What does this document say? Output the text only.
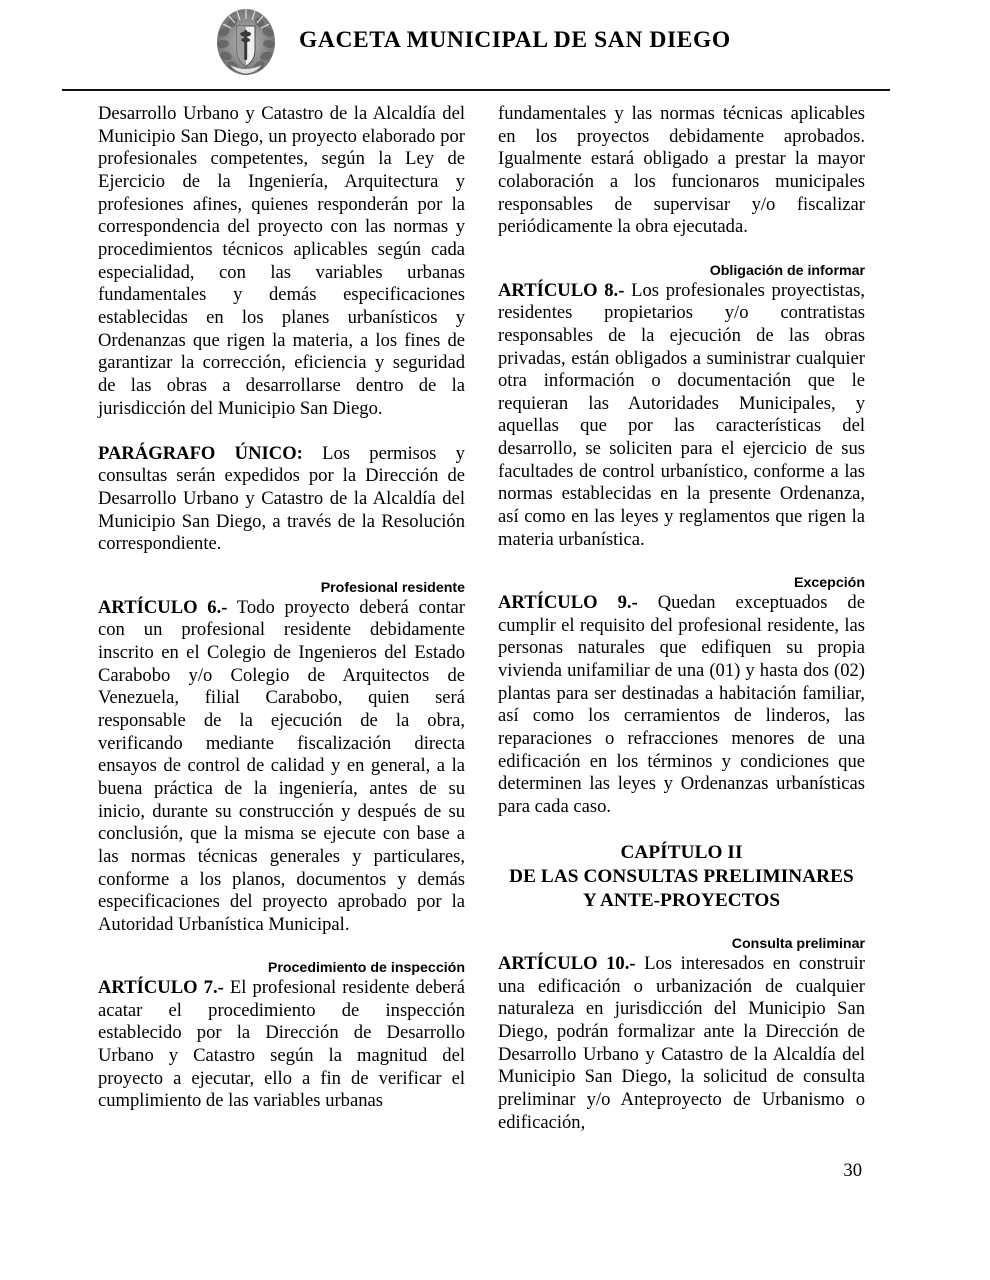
GACETA MUNICIPAL DE SAN DIEGO

Desarrollo Urbano y Catastro de la Alcaldía del Municipio San Diego, un proyecto elaborado por profesionales competentes, según la Ley de Ejercicio de la Ingeniería, Arquitectura y profesiones afines, quienes responderán por la correspondencia del proyecto con las normas y procedimientos técnicos aplicables según cada especialidad, con las variables urbanas fundamentales y demás especificaciones establecidas en los planes urbanísticos y Ordenanzas que rigen la materia, a los fines de garantizar la corrección, eficiencia y seguridad de las obras a desarrollarse dentro de la jurisdicción del Municipio San Diego.

PARÁGRAFO ÚNICO: Los permisos y consultas serán expedidos por la Dirección de Desarrollo Urbano y Catastro de la Alcaldía del Municipio San Diego, a través de la Resolución correspondiente.

Profesional residente

ARTÍCULO 6.- Todo proyecto deberá contar con un profesional residente debidamente inscrito en el Colegio de Ingenieros del Estado Carabobo y/o Colegio de Arquitectos de Venezuela, filial Carabobo, quien será responsable de la ejecución de la obra, verificando mediante fiscalización directa ensayos de control de calidad y en general, a la buena práctica de la ingeniería, antes de su inicio, durante su construcción y después de su conclusión, que la misma se ejecute con base a las normas técnicas generales y particulares, conforme a los planos, documentos y demás especificaciones del proyecto aprobado por la Autoridad Urbanística Municipal.

Procedimiento de inspección

ARTÍCULO 7.- El profesional residente deberá acatar el procedimiento de inspección establecido por la Dirección de Desarrollo Urbano y Catastro según la magnitud del proyecto a ejecutar, ello a fin de verificar el cumplimiento de las variables urbanas

fundamentales y las normas técnicas aplicables en los proyectos debidamente aprobados. Igualmente estará obligado a prestar la mayor colaboración a los funcionaros municipales responsables de supervisar y/o fiscalizar periódicamente la obra ejecutada.

Obligación de informar

ARTÍCULO 8.- Los profesionales proyectistas, residentes propietarios y/o contratistas responsables de la ejecución de las obras privadas, están obligados a suministrar cualquier otra información o documentación que le requieran las Autoridades Municipales, y aquellas que por las características del desarrollo, se soliciten para el ejercicio de sus facultades de control urbanístico, conforme a las normas establecidas en la presente Ordenanza, así como en las leyes y reglamentos que rigen la materia urbanística.

Excepción

ARTÍCULO 9.- Quedan exceptuados de cumplir el requisito del profesional residente, las personas naturales que edifiquen su propia vivienda unifamiliar de una (01) y hasta dos (02) plantas para ser destinadas a habitación familiar, así como los cerramientos de linderos, las reparaciones o refracciones menores de una edificación en los términos y condiciones que determinen las leyes y Ordenanzas urbanísticas para cada caso.

CAPÍTULO II

DE LAS CONSULTAS PRELIMINARES

Y ANTE-PROYECTOS

Consulta preliminar

ARTÍCULO 10.- Los interesados en construir una edificación o urbanización de cualquier naturaleza en jurisdicción del Municipio San Diego, podrán formalizar ante la Dirección de Desarrollo Urbano y Catastro de la Alcaldía del Municipio San Diego, la solicitud de consulta preliminar y/o Anteproyecto de Urbanismo o edificación,

30
